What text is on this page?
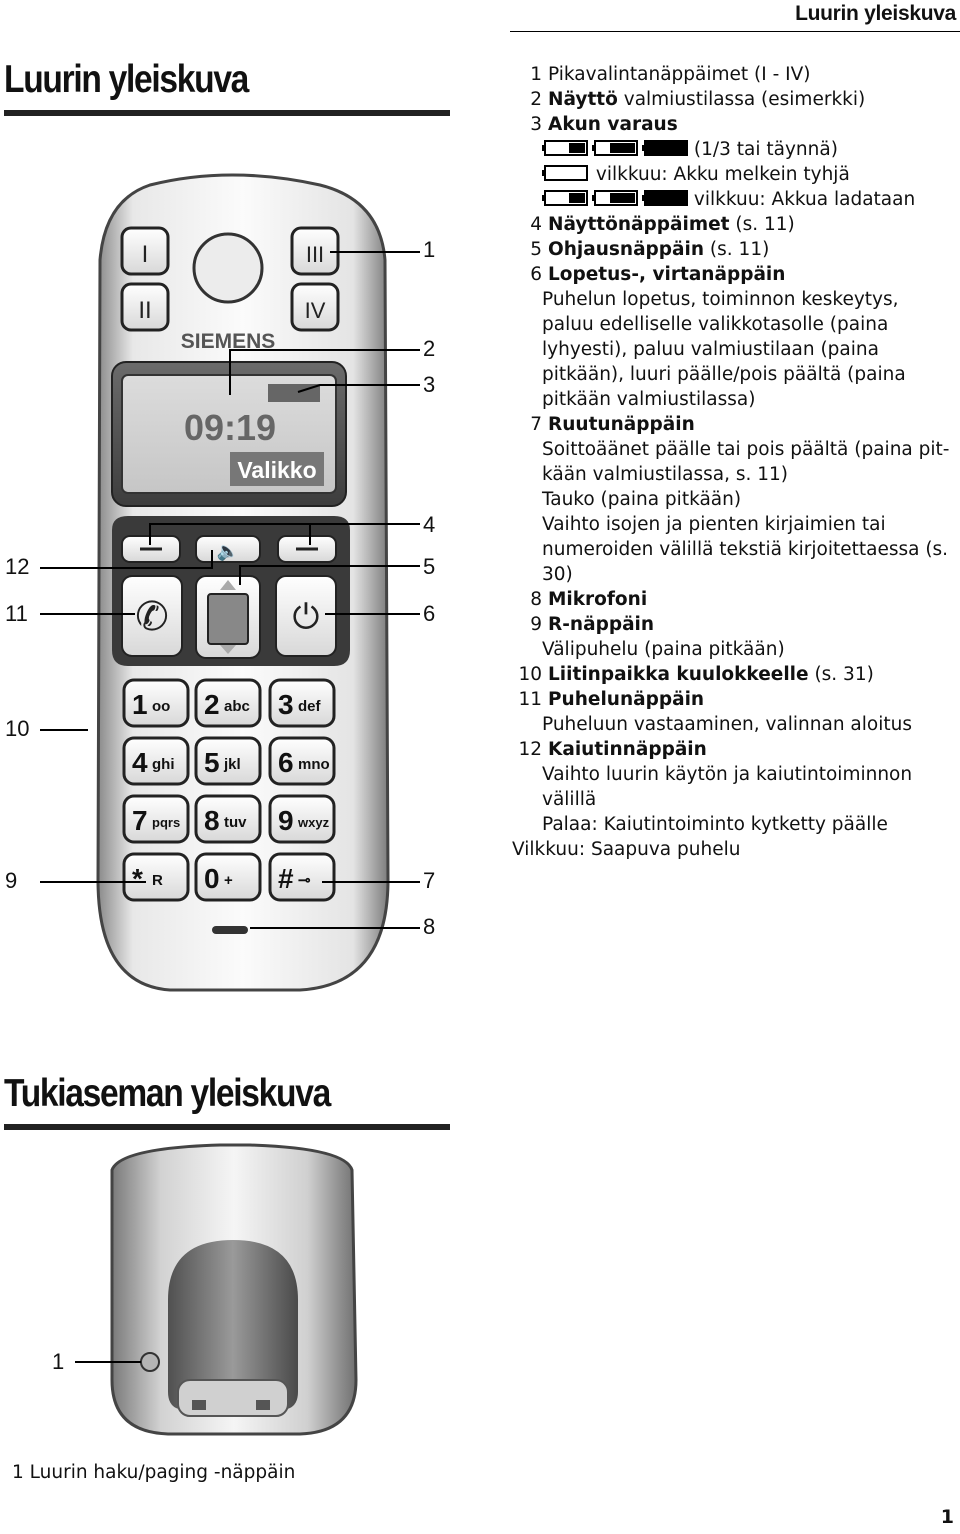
Luurin yleiskuva
Luurin yleiskuva
I
II
III
IV
SIEMENS
09:19
Valikko
🔈
✆	⏻
1 oo 2 abc 3 def
4 ghi 5 jkl 6 mno
7 pqrs 8 tuv 9 wxyz
* R 0 + # ⊸
1
2
3
4
5
6
7
8
12
11
10
9
1
1 Pikavalintanäppäimet (I - IV)
2 Näyttö valmiustilassa (esimerkki)
3 Akun varaus
(1/3 tai täynnä)
vilkkuu: Akku melkein tyhjä
vilkkuu: Akkua ladataan
4 Näyttönäppäimet (s. 11)
5 Ohjausnäppäin (s. 11)
6 Lopetus-, virtanäppäin
Puhelun lopetus, toiminnon keskeytys, paluu edelliselle valikkotasolle (paina lyhyesti), paluu valmiustilaan (paina pitkään), luuri päälle/pois päältä (paina pitkään valmiustilassa)
7 Ruutunäppäin
Soittoäänet päälle tai pois päältä (paina pit-kään valmiustilassa, s. 11)
Tauko (paina pitkään)
Vaihto isojen ja pienten kirjaimien tai numeroiden välillä tekstiä kirjoitettaessa (s. 30)
8 Mikrofoni
9 R-näppäin
Välipuhelu (paina pitkään)
10 Liitinpaikka kuulokkeelle (s. 31)
11 Puhelunäppäin
Puheluun vastaaminen, valinnan aloitus
12 Kaiutinnäppäin
Vaihto luurin käytön ja kaiutintoiminnon välillä
Palaa: Kaiutintoiminto kytketty päälle
Vilkkuu: Saapuva puhelu
Tukiaseman yleiskuva
1 Luurin haku/paging -näppäin
1
